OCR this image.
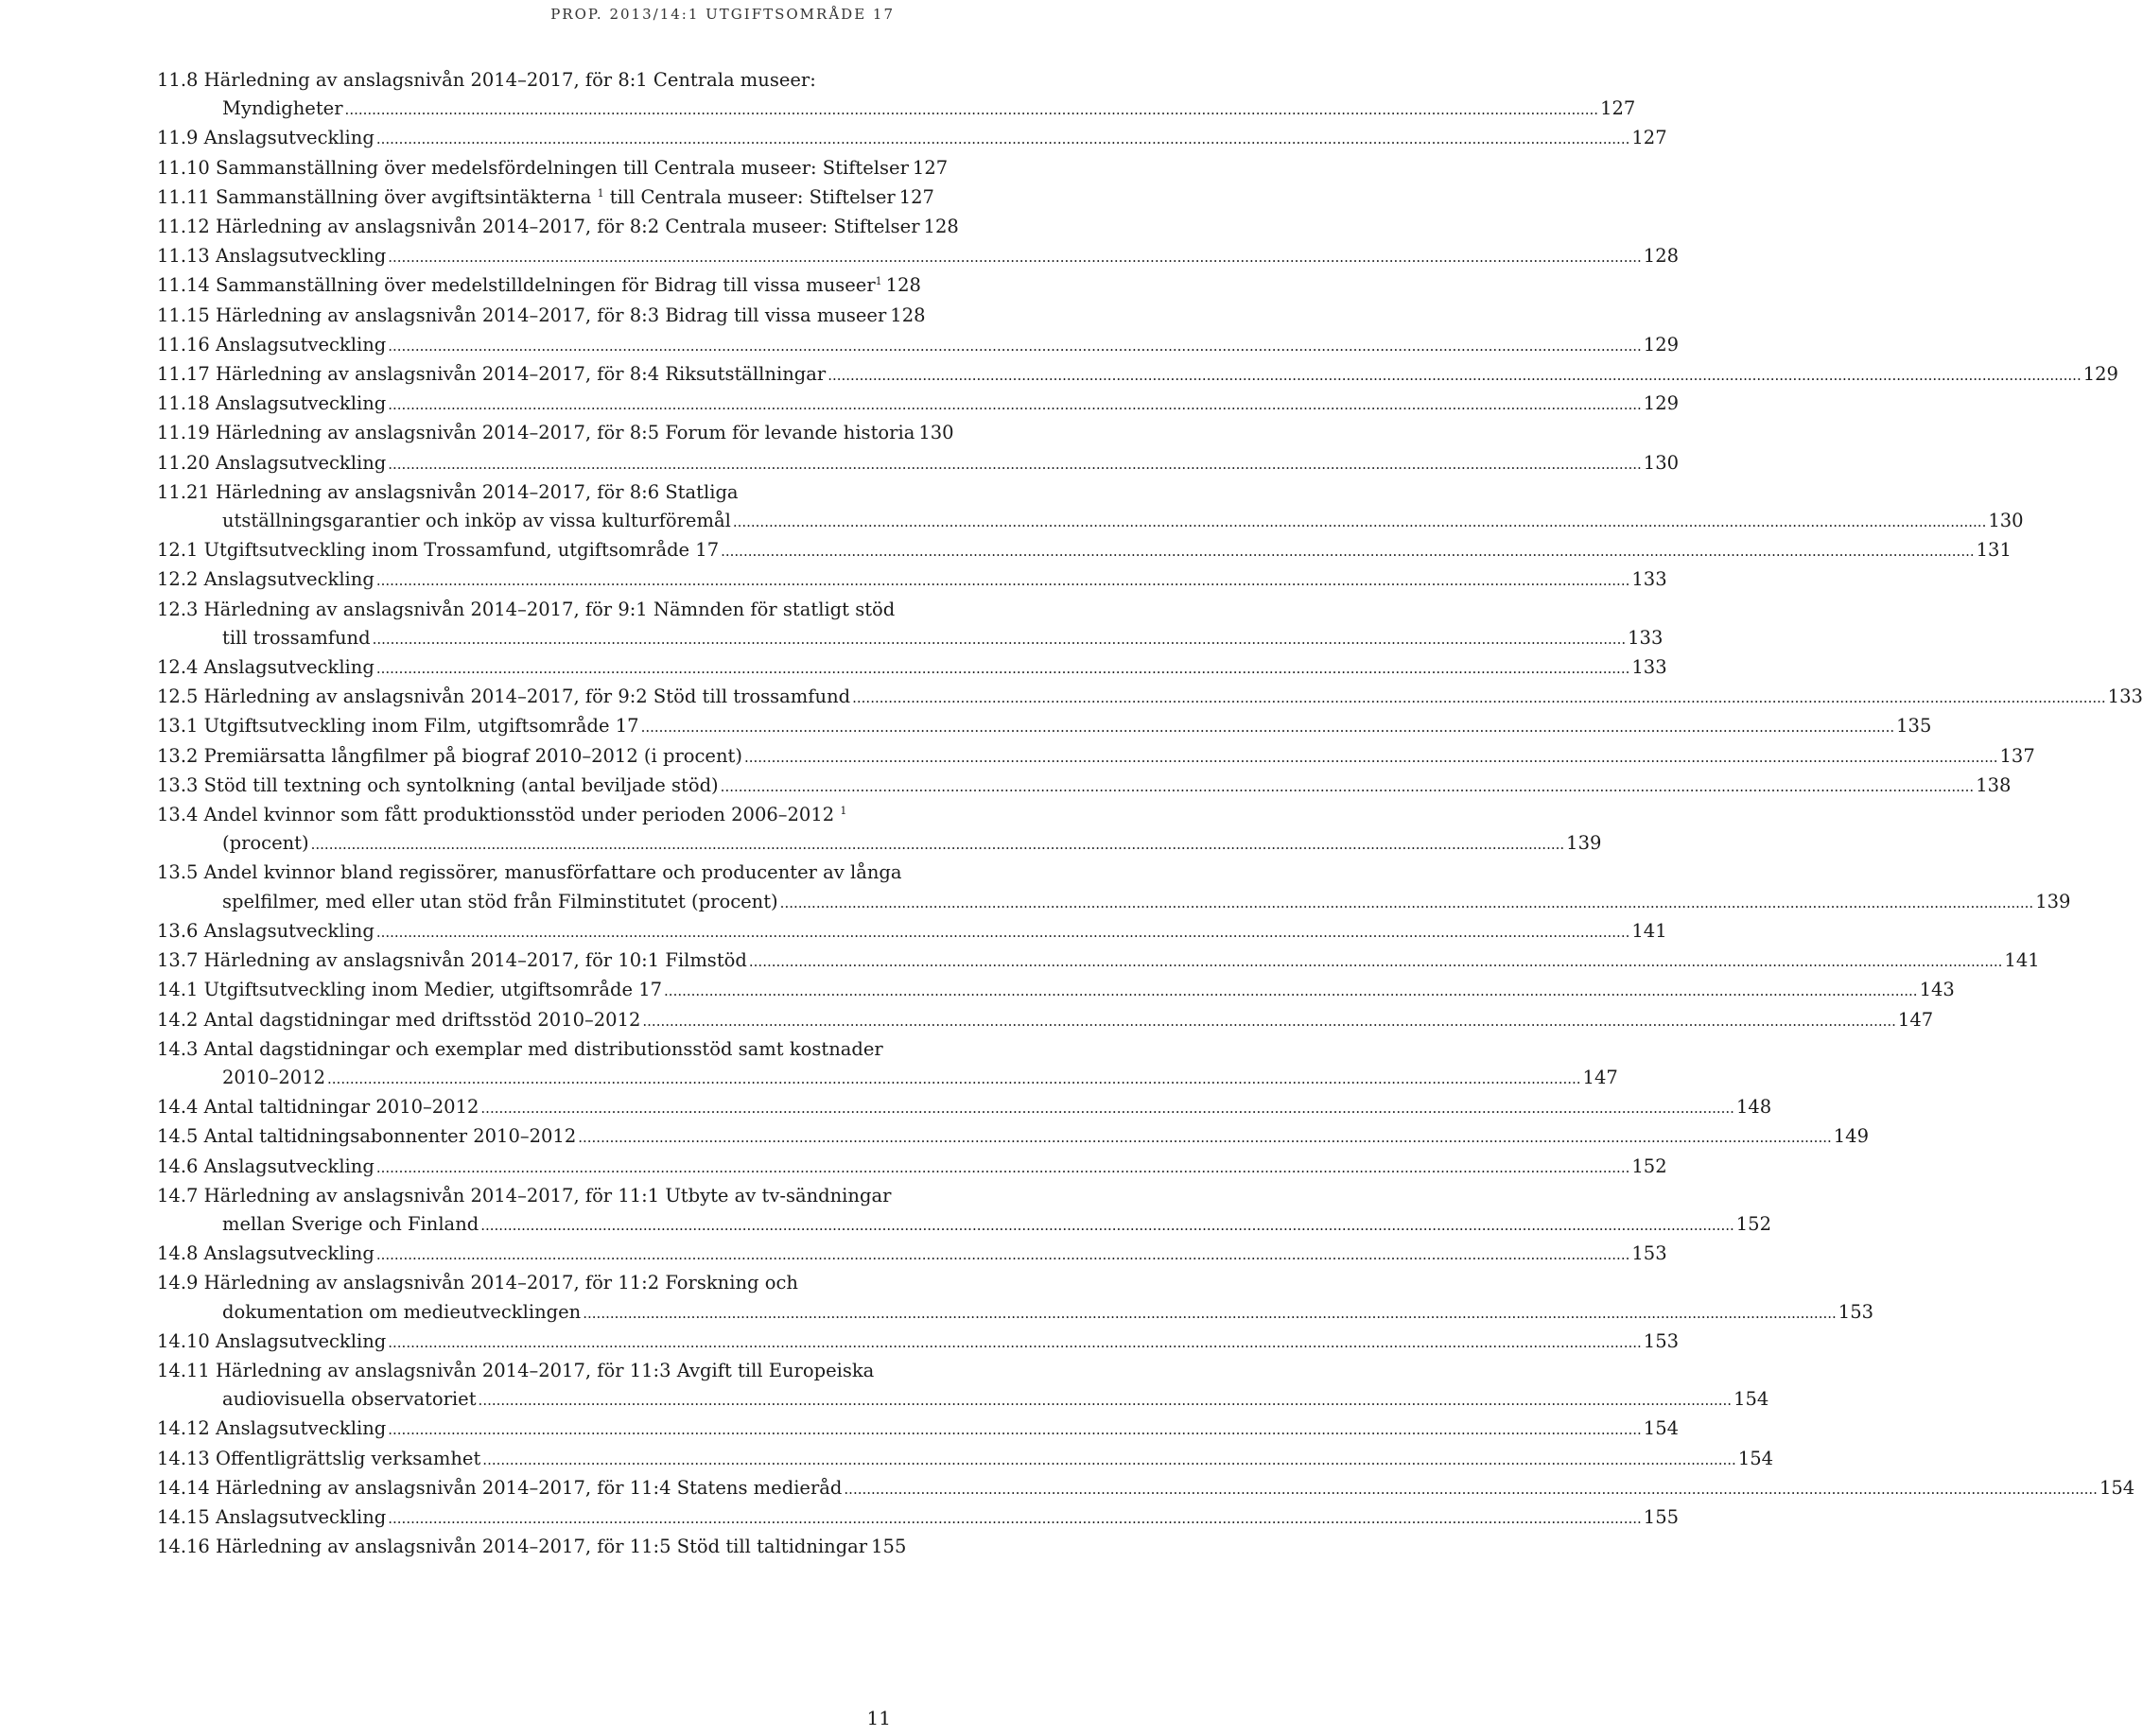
PROP. 2013/14:1 UTGIFTSOMRÅDE 17
11.8 Härledning av anslagsnivån 2014–2017, för 8:1 Centrala museer:
Myndigheter .....	127
11.9 Anslagsutveckling .....	127
11.10 Sammanställning över medelsfördelningen till Centrala museer: Stiftelser 127
11.11 Sammanställning över avgiftsintäkterna $^1$ till Centrala museer: Stiftelser 127
11.12 Härledning av anslagsnivån 2014–2017, för 8:2 Centrala museer: Stiftelser 128
11.13 Anslagsutveckling .....	128
11.14 Sammanställning över medelstilldelningen för Bidrag till vissa museer$^1$ 128
11.15 Härledning av anslagsnivån 2014–2017, för 8:3 Bidrag till vissa museer 128
11.16 Anslagsutveckling .....	129
11.17 Härledning av anslagsnivån 2014–2017, för 8:4 Riksutställningar .....	129
11.18 Anslagsutveckling .....	129
11.19 Härledning av anslagsnivån 2014–2017, för 8:5 Forum för levande historia 130
11.20 Anslagsutveckling .....	130
11.21 Härledning av anslagsnivån 2014–2017, för 8:6 Statliga
utställningsgarantier och inköp av vissa kulturföremål .....	130
12.1 Utgiftsutveckling inom Trossamfund, utgiftsområde 17 .....	131
12.2 Anslagsutveckling .....	133
12.3 Härledning av anslagsnivån 2014–2017, för 9:1 Nämnden för statligt stöd
till trossamfund .....	133
12.4 Anslagsutveckling .....	133
12.5 Härledning av anslagsnivån 2014–2017, för 9:2 Stöd till trossamfund .....	133
13.1 Utgiftsutveckling inom Film, utgiftsområde 17 .....	135
13.2 Premiärsatta långfilmer på biograf 2010–2012 (i procent) .....	137
13.3 Stöd till textning och syntolkning (antal beviljade stöd) .....	138
13.4 Andel kvinnor som fått produktionsstöd under perioden 2006–2012 $^1$
(procent) .....	139
13.5 Andel kvinnor bland regissörer, manusförfattare och producenter av långa
spelfilmer, med eller utan stöd från Filminstitutet (procent) .....	139
13.6 Anslagsutveckling .....	141
13.7 Härledning av anslagsnivån 2014–2017, för 10:1 Filmstöd .....	141
14.1 Utgiftsutveckling inom Medier, utgiftsområde 17 .....	143
14.2 Antal dagstidningar med driftsstöd 2010–2012 .....	147
14.3 Antal dagstidningar och exemplar med distributionsstöd samt kostnader
2010–2012 .....	147
14.4 Antal taltidningar 2010–2012 .....	148
14.5 Antal taltidningsabonnenter 2010–2012 .....	149
14.6 Anslagsutveckling .....	152
14.7 Härledning av anslagsnivån 2014–2017, för 11:1 Utbyte av tv-sändningar
mellan Sverige och Finland .....	152
14.8 Anslagsutveckling .....	153
14.9 Härledning av anslagsnivån 2014–2017, för 11:2 Forskning och
dokumentation om medieutvecklingen .....	153
14.10 Anslagsutveckling .....	153
14.11 Härledning av anslagsnivån 2014–2017, för 11:3 Avgift till Europeiska
audiovisuella observatoriet .....	154
14.12 Anslagsutveckling .....	154
14.13 Offentligrättslig verksamhet .....	154
14.14 Härledning av anslagsnivån 2014–2017, för 11:4 Statens medieråd .....	154
14.15 Anslagsutveckling .....	155
14.16 Härledning av anslagsnivån 2014–2017, för 11:5 Stöd till taltidningar 155
11
